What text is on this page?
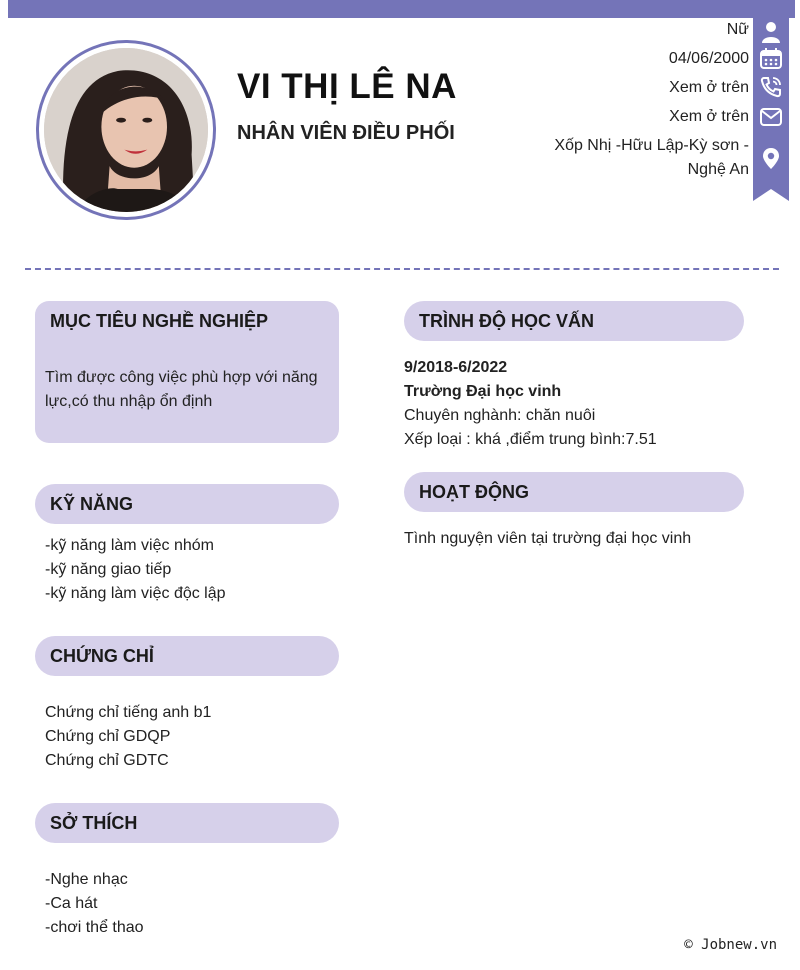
VI THỊ LÊ NA
NHÂN VIÊN ĐIỀU PHỐI
Nữ
04/06/2000
Xem ở trên
Xem ở trên
Xốp Nhị -Hữu Lập-Kỳ sơn -Nghệ An
MỤC TIÊU NGHỀ NGHIỆP
Tìm được công việc phù hợp với năng lực,có thu nhập ổn định
KỸ NĂNG
-kỹ năng làm việc nhóm
-kỹ năng giao tiếp
-kỹ năng làm việc độc lập
CHỨNG CHỈ
Chứng chỉ tiếng anh b1
Chứng chỉ GDQP
Chứng chỉ GDTC
SỞ THÍCH
-Nghe nhạc
-Ca hát
-chơi thể thao
TRÌNH ĐỘ HỌC VẤN
9/2018-6/2022
Trường Đại học vinh
Chuyên nghành: chăn nuôi
Xếp loại : khá ,điểm trung bình:7.51
HOẠT ĐỘNG
Tình nguyện viên tại trường đại học vinh
© Jobnew.vn
